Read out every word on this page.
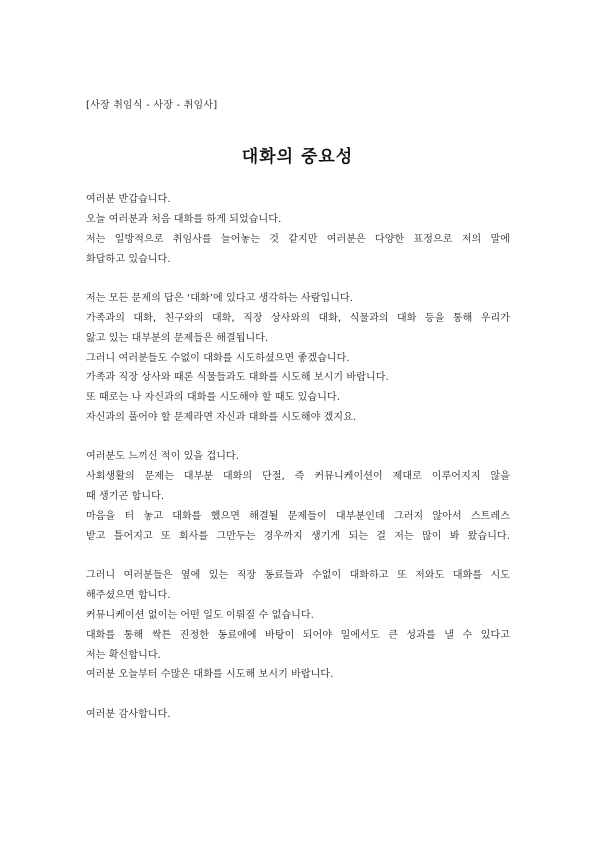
[사장 취임식 - 사장 - 취임사]
대화의 중요성
여러분 반갑습니다.
오늘 여러분과 처음 대화를 하게 되었습니다.
저는 일방적으로 취임사를 늘어놓는 것 같지만 여러분은 다양한 표정으로 저의 말에
화답하고 있습니다.
저는 모든 문제의 답은 ‘대화’에 있다고 생각하는 사람입니다.
가족과의 대화, 친구와의 대화, 직장 상사와의 대화, 식물과의 대화 등을 통해 우리가
앓고 있는 대부분의 문제들은 해결됩니다.
그러니 여러분들도 수없이 대화를 시도하셨으면 좋겠습니다.
가족과 직장 상사와 때론 식물들과도 대화를 시도해 보시기 바랍니다.
또 때로는 나 자신과의 대화를 시도해야 할 때도 있습니다.
자신과의 풀어야 할 문제라면 자신과 대화를 시도해야 겠지요.
여러분도 느끼신 적이 있을 겁니다.
사회생활의 문제는 대부분 대화의 단절, 즉 커뮤니케이션이 제대로 이루어지지 않을
때 생기곤 합니다.
마음을 터 놓고 대화를 했으면 해결될 문제들이 대부분인데 그러지 않아서 스트레스
받고 틀어지고 또 회사를 그만두는 경우까지 생기게 되는 걸 저는 많이 봐 왔습니다.
그러니 여러분들은 옆에 있는 직장 동료들과 수없이 대화하고 또 저와도 대화를 시도
해주셨으면 합니다.
커뮤니케이션 없이는 어떤 일도 이뤄질 수 없습니다.
대화를 통해 싹튼 진정한 동료애에 바탕이 되어야 일에서도 큰 성과를 낼 수 있다고
저는 확신합니다.
여러분 오늘부터 수많은 대화를 시도해 보시기 바랍니다.
여러분 감사합니다.
